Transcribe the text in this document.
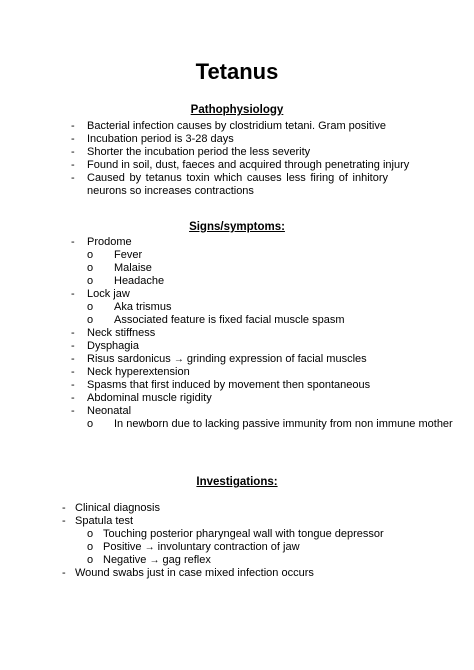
Tetanus
Pathophysiology
- Bacterial infection causes by clostridium tetani. Gram positive
- Incubation period is 3-28 days
- Shorter the incubation period the less severity
- Found in soil, dust, faeces and acquired through penetrating injury
- Caused by tetanus toxin which causes less firing of inhitory neurons so increases contractions
Signs/symptoms:
- Prodome
o Fever
o Malaise
o Headache
- Lock jaw
o Aka trismus
o Associated feature is fixed facial muscle spasm
- Neck stiffness
- Dysphagia
- Risus sardonicus → grinding expression of facial muscles
- Neck hyperextension
- Spasms that first induced by movement then spontaneous
- Abdominal muscle rigidity
- Neonatal
o In newborn due to lacking passive immunity from non immune mother
Investigations:
- Clinical diagnosis
- Spatula test
o Touching posterior pharyngeal wall with tongue depressor
o Positive → involuntary contraction of jaw
o Negative → gag reflex
- Wound swabs just in case mixed infection occurs
